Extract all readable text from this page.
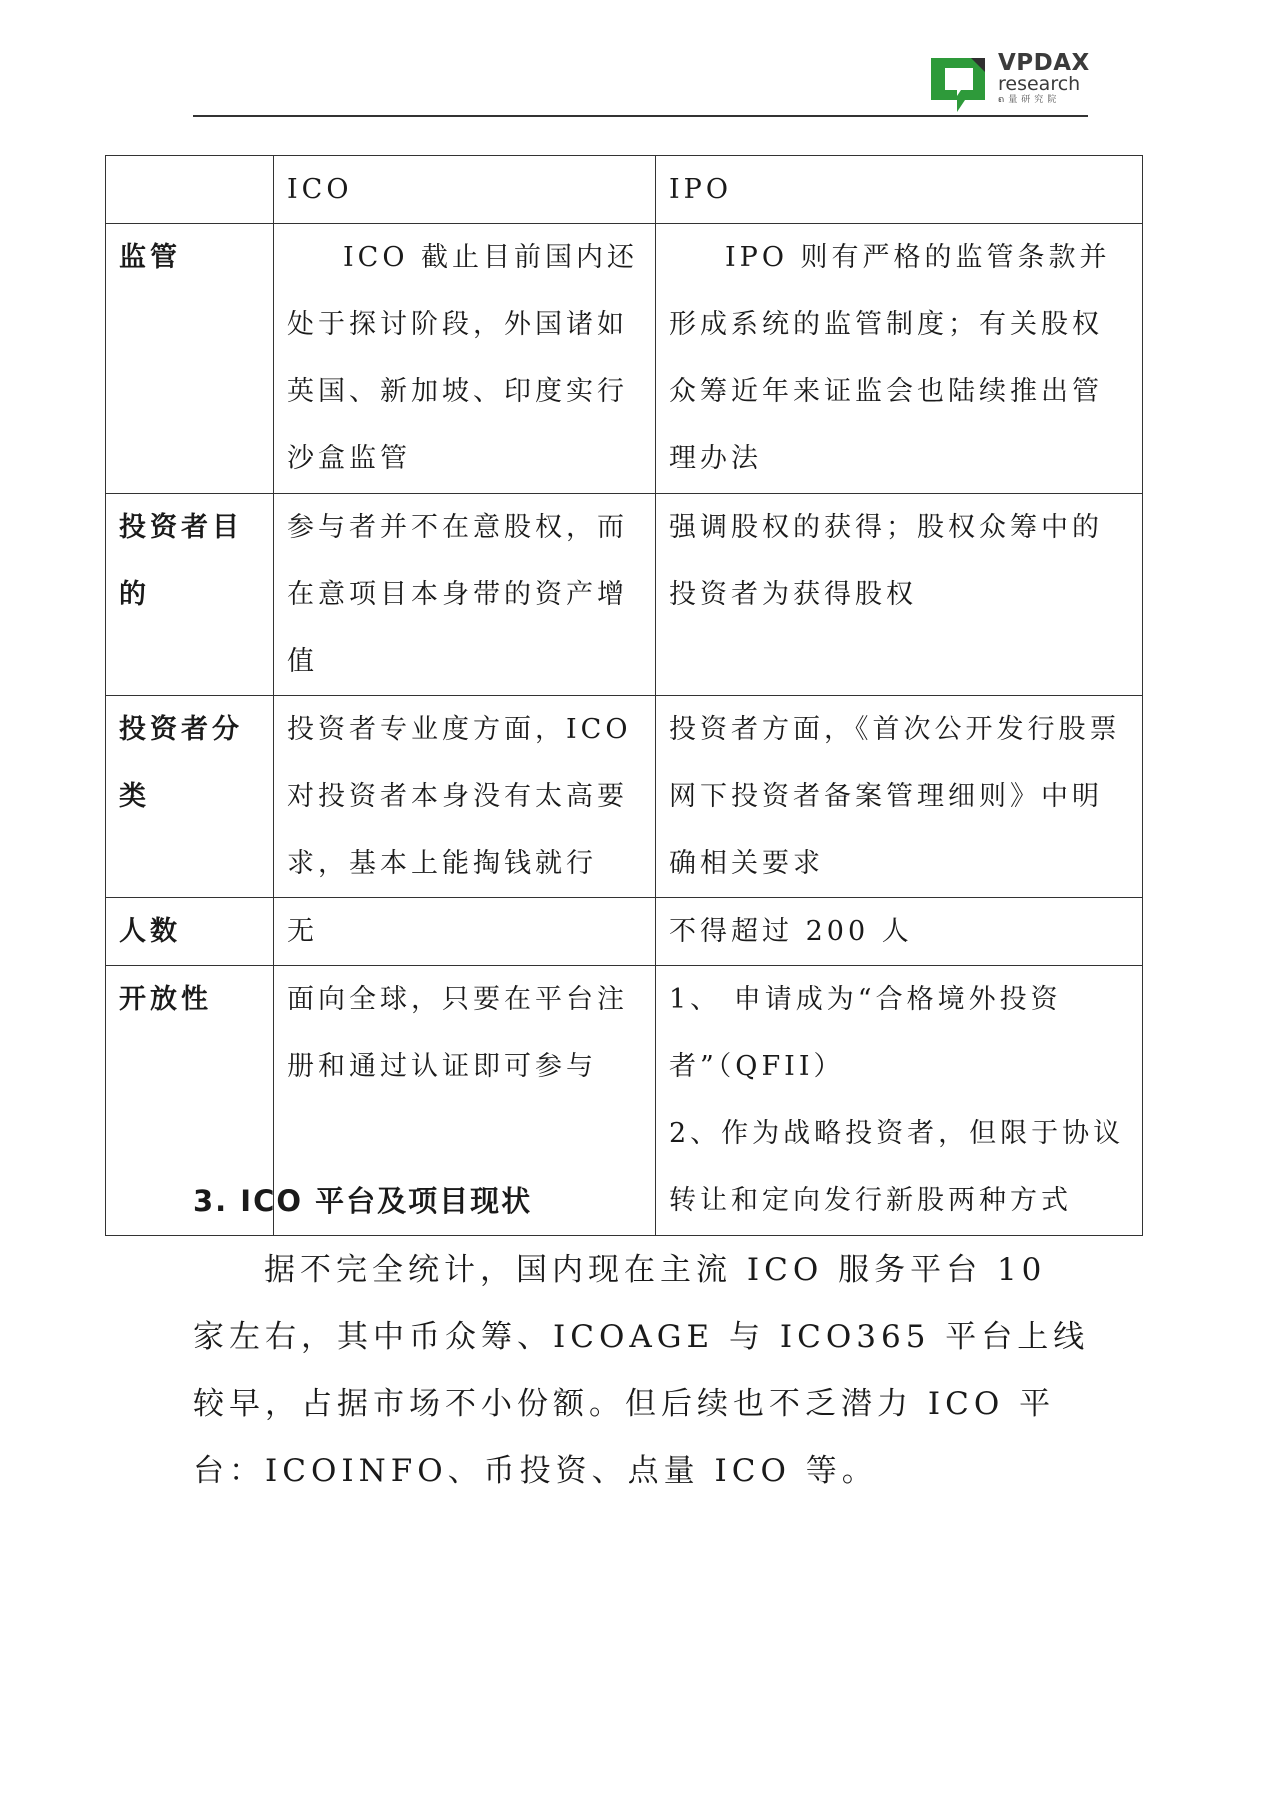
VPDAX
research
ຄ量研究院
	ICO	IPO
监管	ICO 截止目前国内还处于探讨阶段，外国诸如英国、新加坡、印度实行沙盒监管	IPO 则有严格的监管条款并形成系统的监管制度；有关股权众筹近年来证监会也陆续推出管理办法
投资者目的	参与者并不在意股权，而在意项目本身带的资产增值	强调股权的获得；股权众筹中的投资者为获得股权
投资者分类	投资者专业度方面，ICO 对投资者本身没有太高要求，基本上能掏钱就行	投资者方面，《首次公开发行股票网下投资者备案管理细则》中明确相关要求
人数	无	不得超过 200 人
开放性	面向全球，只要在平台注册和通过认证即可参与	1、 申请成为“合格境外投资者”（QFII）
2、作为战略投资者，但限于协议转让和定向发行新股两种方式
3. ICO 平台及项目现状
据不完全统计，国内现在主流 ICO 服务平台 10 家左右，其中币众筹、ICOAGE 与 ICO365 平台上线较早，占据市场不小份额。但后续也不乏潜力 ICO 平台：ICOINFO、币投资、点量 ICO 等。
